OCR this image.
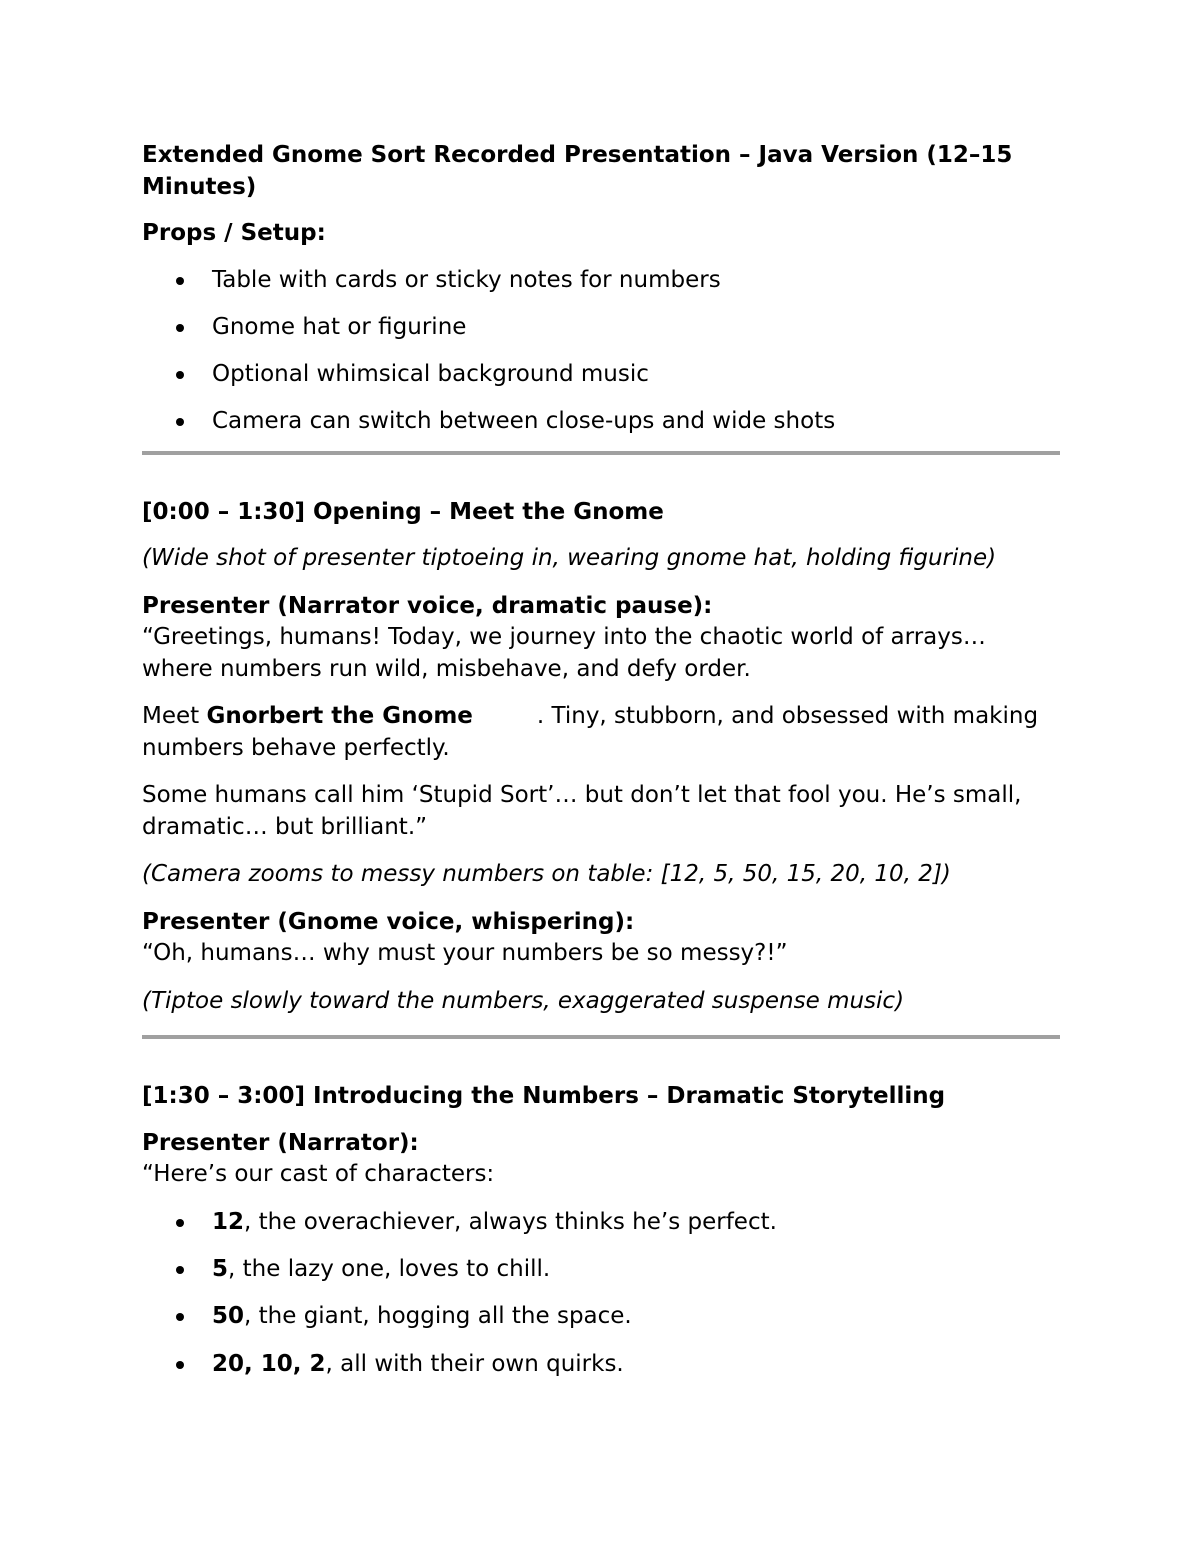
Extended Gnome Sort Recorded Presentation – Java Version (12–15 Minutes)

Props / Setup:

Table with cards or sticky notes for numbers
Gnome hat or figurine
Optional whimsical background music
Camera can switch between close-ups and wide shots

[0:00 – 1:30] Opening – Meet the Gnome

(Wide shot of presenter tiptoeing in, wearing gnome hat, holding figurine)

Presenter (Narrator voice, dramatic pause):
“Greetings, humans! Today, we journey into the chaotic world of arrays… where numbers run wild, misbehave, and defy order.

Meet Gnorbert the Gnome	. Tiny, stubborn, and obsessed with making numbers behave perfectly.

Some humans call him ‘Stupid Sort’… but don’t let that fool you. He’s small, dramatic… but brilliant.”

(Camera zooms to messy numbers on table: [12, 5, 50, 15, 20, 10, 2])

Presenter (Gnome voice, whispering):
“Oh, humans… why must your numbers be so messy?!”

(Tiptoe slowly toward the numbers, exaggerated suspense music)

[1:30 – 3:00] Introducing the Numbers – Dramatic Storytelling

Presenter (Narrator):
“Here’s our cast of characters:

12, the overachiever, always thinks he’s perfect.
5, the lazy one, loves to chill.
50, the giant, hogging all the space.
20, 10, 2, all with their own quirks.
